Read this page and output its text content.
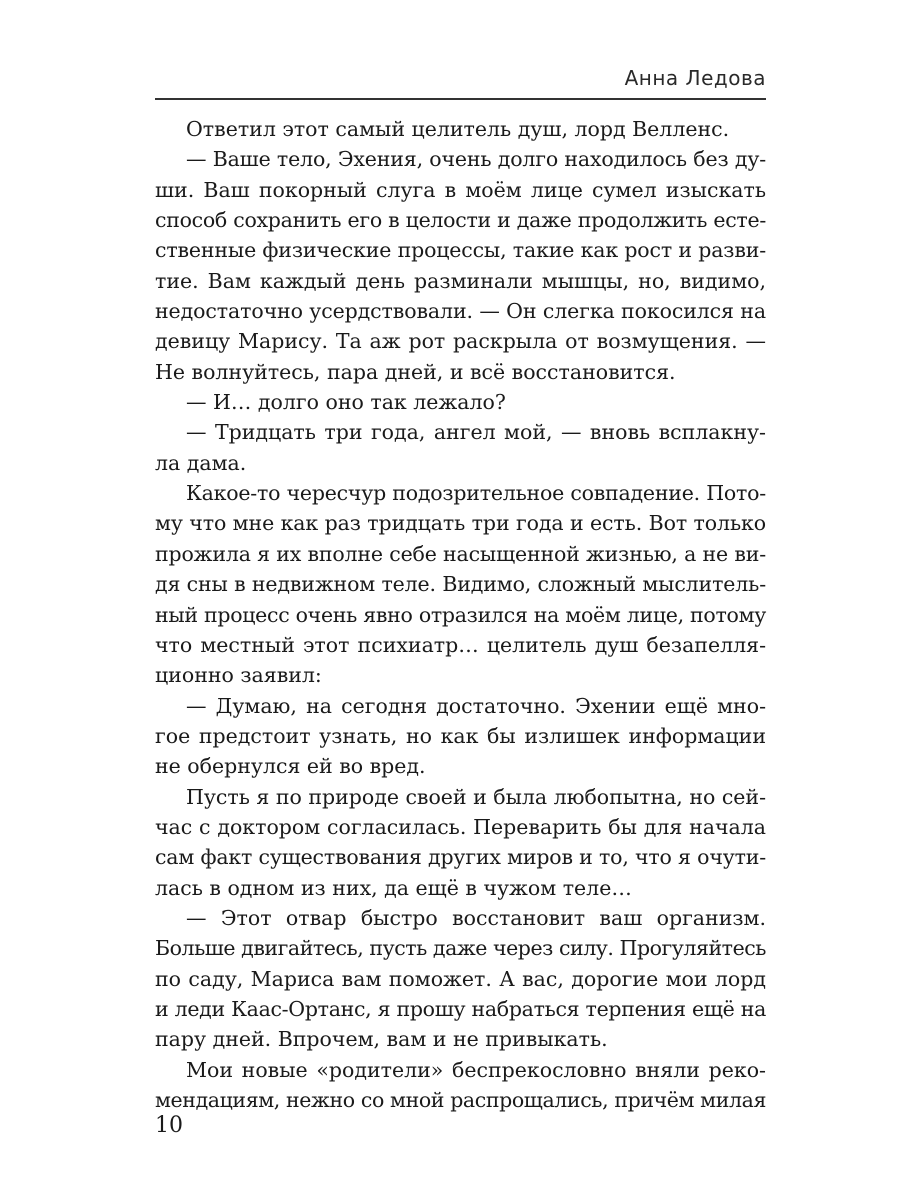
Анна Ледова
Ответил этот самый целитель душ, лорд Велленс.
— Ваше тело, Эхения, очень долго находилось без ду-
ши. Ваш покорный слуга в моём лице сумел изыскать
способ сохранить его в целости и даже продолжить есте-
ственные физические процессы, такие как рост и разви-
тие. Вам каждый день разминали мышцы, но, видимо,
недостаточно усердствовали. — Он слегка покосился на
девицу Марису. Та аж рот раскрыла от возмущения. —
Не волнуйтесь, пара дней, и всё восстановится.
— И… долго оно так лежало?
— Тридцать три года, ангел мой, — вновь всплакну-
ла дама.
Какое-то чересчур подозрительное совпадение. Пото-
му что мне как раз тридцать три года и есть. Вот только
прожила я их вполне себе насыщенной жизнью, а не ви-
дя сны в недвижном теле. Видимо, сложный мыслитель-
ный процесс очень явно отразился на моём лице, потому
что местный этот психиатр… целитель душ безапелля-
ционно заявил:
— Думаю, на сегодня достаточно. Эхении ещё мно-
гое предстоит узнать, но как бы излишек информации
не обернулся ей во вред.
Пусть я по природе своей и была любопытна, но сей-
час с доктором согласилась. Переварить бы для начала
сам факт существования других миров и то, что я очути-
лась в одном из них, да ещё в чужом теле…
— Этот отвар быстро восстановит ваш организм.
Больше двигайтесь, пусть даже через силу. Прогуляйтесь
по саду, Мариса вам поможет. А вас, дорогие мои лорд
и леди Каас-Ортанс, я прошу набраться терпения ещё на
пару дней. Впрочем, вам и не привыкать.
Мои новые «родители» беспрекословно вняли реко-
мендациям, нежно со мной распрощались, причём милая
10
